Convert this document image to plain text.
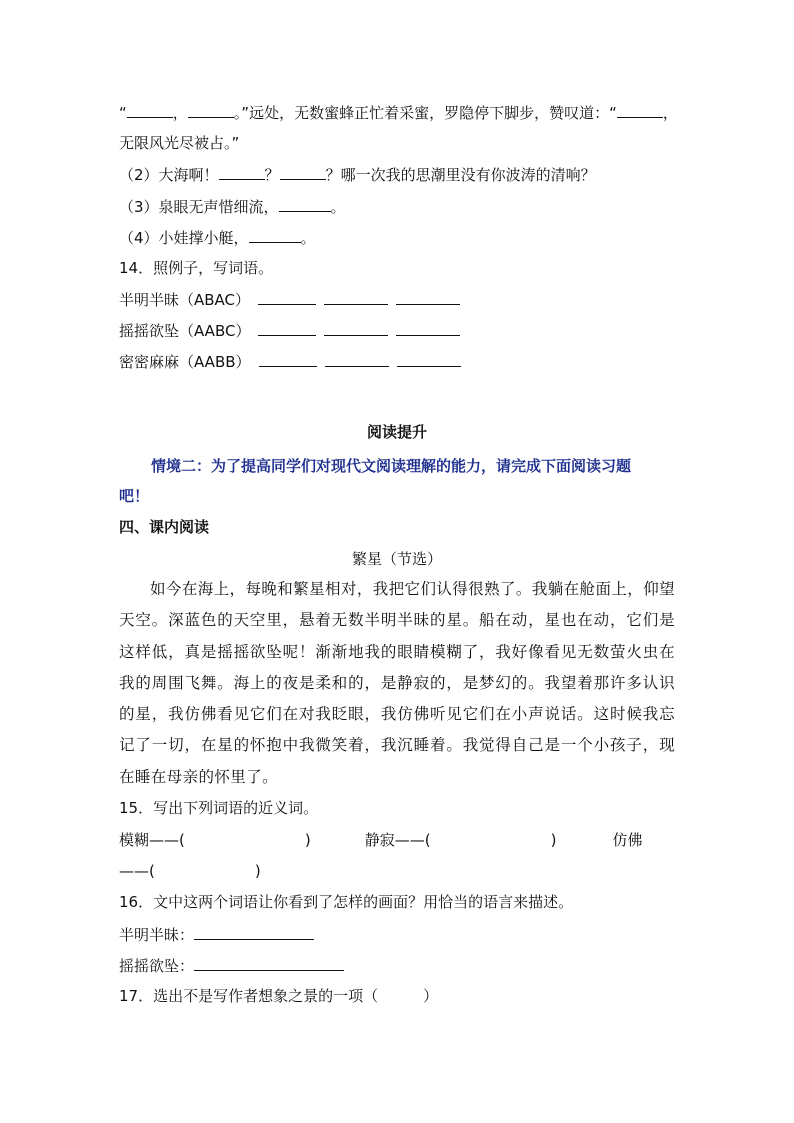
“	，	。”远处，无数蜜蜂正忙着采蜜，罗隐停下脚步，赞叹道：“	，
无限风光尽被占。”
（2）大海啊！	？	？哪一次我的思潮里没有你波涛的清响？
（3）泉眼无声惜细流，	。
（4）小娃撑小艇，	。
14．照例子，写词语。
半明半昧（ABAC）
摇摇欲坠（AABC）
密密麻麻（AABB）
阅读提升
情境二：为了提高同学们对现代文阅读理解的能力，请完成下面阅读习题
吧！
四、课内阅读
繁星（节选）
如今在海上，每晚和繁星相对，我把它们认得很熟了。我躺在舱面上，仰望天空。深蓝色的天空里，悬着无数半明半昧的星。船在动，星也在动，它们是这样低，真是摇摇欲坠呢！渐渐地我的眼睛模糊了，我好像看见无数萤火虫在我的周围飞舞。海上的夜是柔和的，是静寂的，是梦幻的。我望着那许多认识的星，我仿佛看见它们在对我眨眼，我仿佛听见它们在小声说话。这时候我忘记了一切，在星的怀抱中我微笑着，我沉睡着。我觉得自己是一个小孩子，现在睡在母亲的怀里了。
15．写出下列词语的近义词。
模糊——(	)	静寂——(	)	仿佛
——(	)
16．文中这两个词语让你看到了怎样的画面？用恰当的语言来描述。
半明半昧：
摇摇欲坠：
17．选出不是写作者想象之景的一项（　　　）
